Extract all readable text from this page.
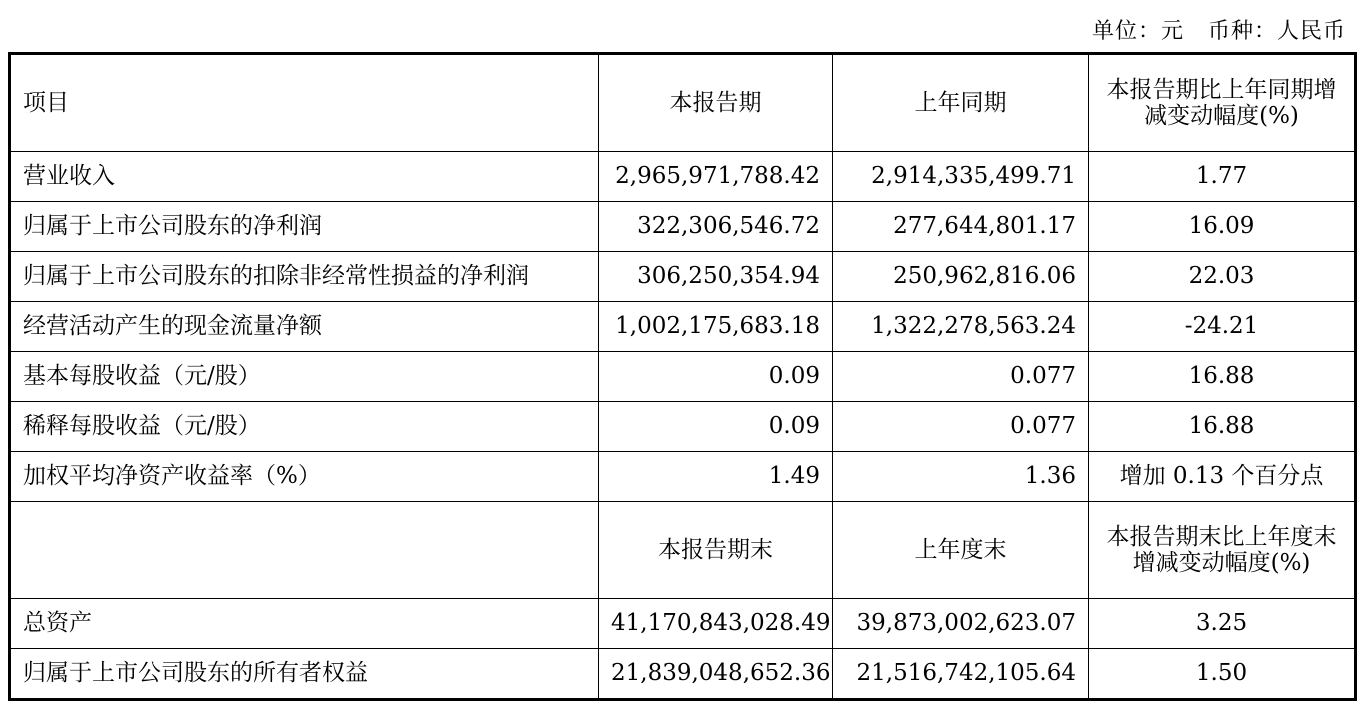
单位：元   币种：人民币
项目	本报告期	上年同期	本报告期比上年同期增减变动幅度(%)
营业收入	2,965,971,788.42	2,914,335,499.71	1.77
归属于上市公司股东的净利润	322,306,546.72	277,644,801.17	16.09
归属于上市公司股东的扣除非经常性损益的净利润	306,250,354.94	250,962,816.06	22.03
经营活动产生的现金流量净额	1,002,175,683.18	1,322,278,563.24	-24.21
基本每股收益（元/股）	0.09	0.077	16.88
稀释每股收益（元/股）	0.09	0.077	16.88
加权平均净资产收益率（%）	1.49	1.36	增加 0.13 个百分点
	本报告期末	上年度末	本报告期末比上年度末增减变动幅度(%)
总资产	41,170,843,028.49	39,873,002,623.07	3.25
归属于上市公司股东的所有者权益	21,839,048,652.36	21,516,742,105.64	1.50
